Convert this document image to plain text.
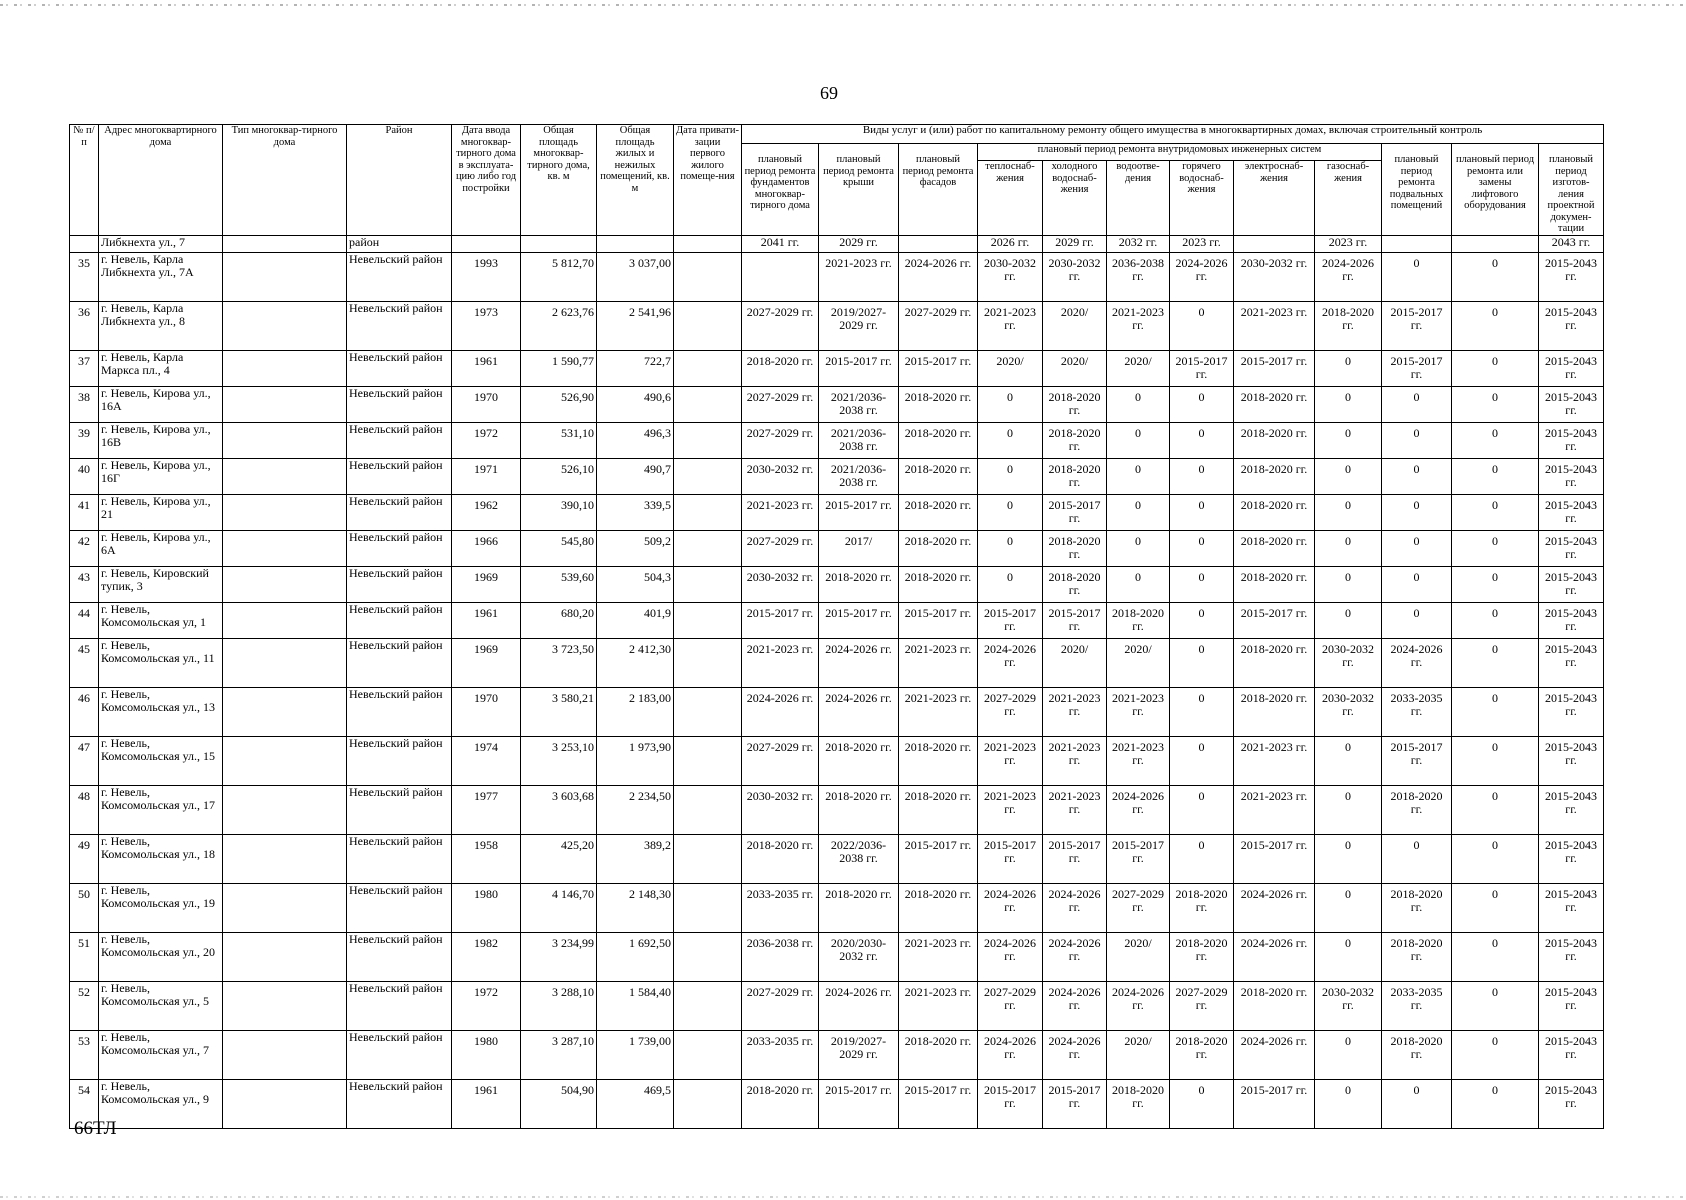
69
№ п/п	Адрес многоквартирного дома	Тип многоквар-тирного дома	Район	Дата ввода многоквар-тирного дома в эксплуата-цию либо год постройки	Общая площадь многоквар-тирного дома, кв. м	Общая площадь жилых и нежилых помещений, кв. м	Дата привати-зации первого жилого помеще-ния	Виды услуг и (или) работ по капитальному ремонту общего имущества в многоквартирных домах, включая строительный контроль											
								плановый период ремонта фундаментов многоквар-тирного дома	плановый период ремонта крыши	плановый период ремонта фасадов	плановый период ремонта внутридомовых инженерных систем						плановый период ремонта подвальных помещений	плановый период ремонта или замены лифтового оборудования	плановый период изготов-ления проектной докумен-тации
											теплоснаб-жения	холодного водоснаб-жения	водоотве-дения	горячего водоснаб-жения	электроснаб-жения	газоснаб-жения			
	Либкнехта ул., 7		район					2041 гг.	2029 гг.		2026 гг.	2029 гг.	2032 гг.	2023 гг.		2023 гг.			2043 гг.
35	г. Невель, Карла Либкнехта ул., 7А		Невельский район	1993	5 812,70	3 037,00			2021-2023 гг.	2024-2026 гг.	2030-2032 гг.	2030-2032 гг.	2036-2038 гг.	2024-2026 гг.	2030-2032 гг.	2024-2026 гг.	0	0	2015-2043 гг.
36	г. Невель, Карла Либкнехта ул., 8		Невельский район	1973	2 623,76	2 541,96		2027-2029 гг.	2019/2027-2029 гг.	2027-2029 гг.	2021-2023 гг.	2020/	2021-2023 гг.	0	2021-2023 гг.	2018-2020 гг.	2015-2017 гг.	0	2015-2043 гг.
37	г. Невель, Карла Маркса пл., 4		Невельский район	1961	1 590,77	722,7		2018-2020 гг.	2015-2017 гг.	2015-2017 гг.	2020/	2020/	2020/	2015-2017 гг.	2015-2017 гг.	0	2015-2017 гг.	0	2015-2043 гг.
38	г. Невель, Кирова ул., 16А		Невельский район	1970	526,90	490,6		2027-2029 гг.	2021/2036-2038 гг.	2018-2020 гг.	0	2018-2020 гг.	0	0	2018-2020 гг.	0	0	0	2015-2043 гг.
39	г. Невель, Кирова ул., 16В		Невельский район	1972	531,10	496,3		2027-2029 гг.	2021/2036-2038 гг.	2018-2020 гг.	0	2018-2020 гг.	0	0	2018-2020 гг.	0	0	0	2015-2043 гг.
40	г. Невель, Кирова ул., 16Г		Невельский район	1971	526,10	490,7		2030-2032 гг.	2021/2036-2038 гг.	2018-2020 гг.	0	2018-2020 гг.	0	0	2018-2020 гг.	0	0	0	2015-2043 гг.
41	г. Невель, Кирова ул., 21		Невельский район	1962	390,10	339,5		2021-2023 гг.	2015-2017 гг.	2018-2020 гг.	0	2015-2017 гг.	0	0	2018-2020 гг.	0	0	0	2015-2043 гг.
42	г. Невель, Кирова ул., 6А		Невельский район	1966	545,80	509,2		2027-2029 гг.	2017/	2018-2020 гг.	0	2018-2020 гг.	0	0	2018-2020 гг.	0	0	0	2015-2043 гг.
43	г. Невель, Кировский тупик, 3		Невельский район	1969	539,60	504,3		2030-2032 гг.	2018-2020 гг.	2018-2020 гг.	0	2018-2020 гг.	0	0	2018-2020 гг.	0	0	0	2015-2043 гг.
44	г. Невель, Комсомольская ул, 1		Невельский район	1961	680,20	401,9		2015-2017 гг.	2015-2017 гг.	2015-2017 гг.	2015-2017 гг.	2015-2017 гг.	2018-2020 гг.	0	2015-2017 гг.	0	0	0	2015-2043 гг.
45	г. Невель, Комсомольская ул., 11		Невельский район	1969	3 723,50	2 412,30		2021-2023 гг.	2024-2026 гг.	2021-2023 гг.	2024-2026 гг.	2020/	2020/	0	2018-2020 гг.	2030-2032 гг.	2024-2026 гг.	0	2015-2043 гг.
46	г. Невель, Комсомольская ул., 13		Невельский район	1970	3 580,21	2 183,00		2024-2026 гг.	2024-2026 гг.	2021-2023 гг.	2027-2029 гг.	2021-2023 гг.	2021-2023 гг.	0	2018-2020 гг.	2030-2032 гг.	2033-2035 гг.	0	2015-2043 гг.
47	г. Невель, Комсомольская ул., 15		Невельский район	1974	3 253,10	1 973,90		2027-2029 гг.	2018-2020 гг.	2018-2020 гг.	2021-2023 гг.	2021-2023 гг.	2021-2023 гг.	0	2021-2023 гг.	0	2015-2017 гг.	0	2015-2043 гг.
48	г. Невель, Комсомольская ул., 17		Невельский район	1977	3 603,68	2 234,50		2030-2032 гг.	2018-2020 гг.	2018-2020 гг.	2021-2023 гг.	2021-2023 гг.	2024-2026 гг.	0	2021-2023 гг.	0	2018-2020 гг.	0	2015-2043 гг.
49	г. Невель, Комсомольская ул., 18		Невельский район	1958	425,20	389,2		2018-2020 гг.	2022/2036-2038 гг.	2015-2017 гг.	2015-2017 гг.	2015-2017 гг.	2015-2017 гг.	0	2015-2017 гг.	0	0	0	2015-2043 гг.
50	г. Невель, Комсомольская ул., 19		Невельский район	1980	4 146,70	2 148,30		2033-2035 гг.	2018-2020 гг.	2018-2020 гг.	2024-2026 гг.	2024-2026 гг.	2027-2029 гг.	2018-2020 гг.	2024-2026 гг.	0	2018-2020 гг.	0	2015-2043 гг.
51	г. Невель, Комсомольская ул., 20		Невельский район	1982	3 234,99	1 692,50		2036-2038 гг.	2020/2030-2032 гг.	2021-2023 гг.	2024-2026 гг.	2024-2026 гг.	2020/	2018-2020 гг.	2024-2026 гг.	0	2018-2020 гг.	0	2015-2043 гг.
52	г. Невель, Комсомольская ул., 5		Невельский район	1972	3 288,10	1 584,40		2027-2029 гг.	2024-2026 гг.	2021-2023 гг.	2027-2029 гг.	2024-2026 гг.	2024-2026 гг.	2027-2029 гг.	2018-2020 гг.	2030-2032 гг.	2033-2035 гг.	0	2015-2043 гг.
53	г. Невель, Комсомольская ул., 7		Невельский район	1980	3 287,10	1 739,00		2033-2035 гг.	2019/2027-2029 гг.	2018-2020 гг.	2024-2026 гг.	2024-2026 гг.	2020/	2018-2020 гг.	2024-2026 гг.	0	2018-2020 гг.	0	2015-2043 гг.
54	г. Невель, Комсомольская ул., 9		Невельский район	1961	504,90	469,5		2018-2020 гг.	2015-2017 гг.	2015-2017 гг.	2015-2017 гг.	2015-2017 гг.	2018-2020 гг.	0	2015-2017 гг.	0	0	0	2015-2043 гг.
66ТЛ
